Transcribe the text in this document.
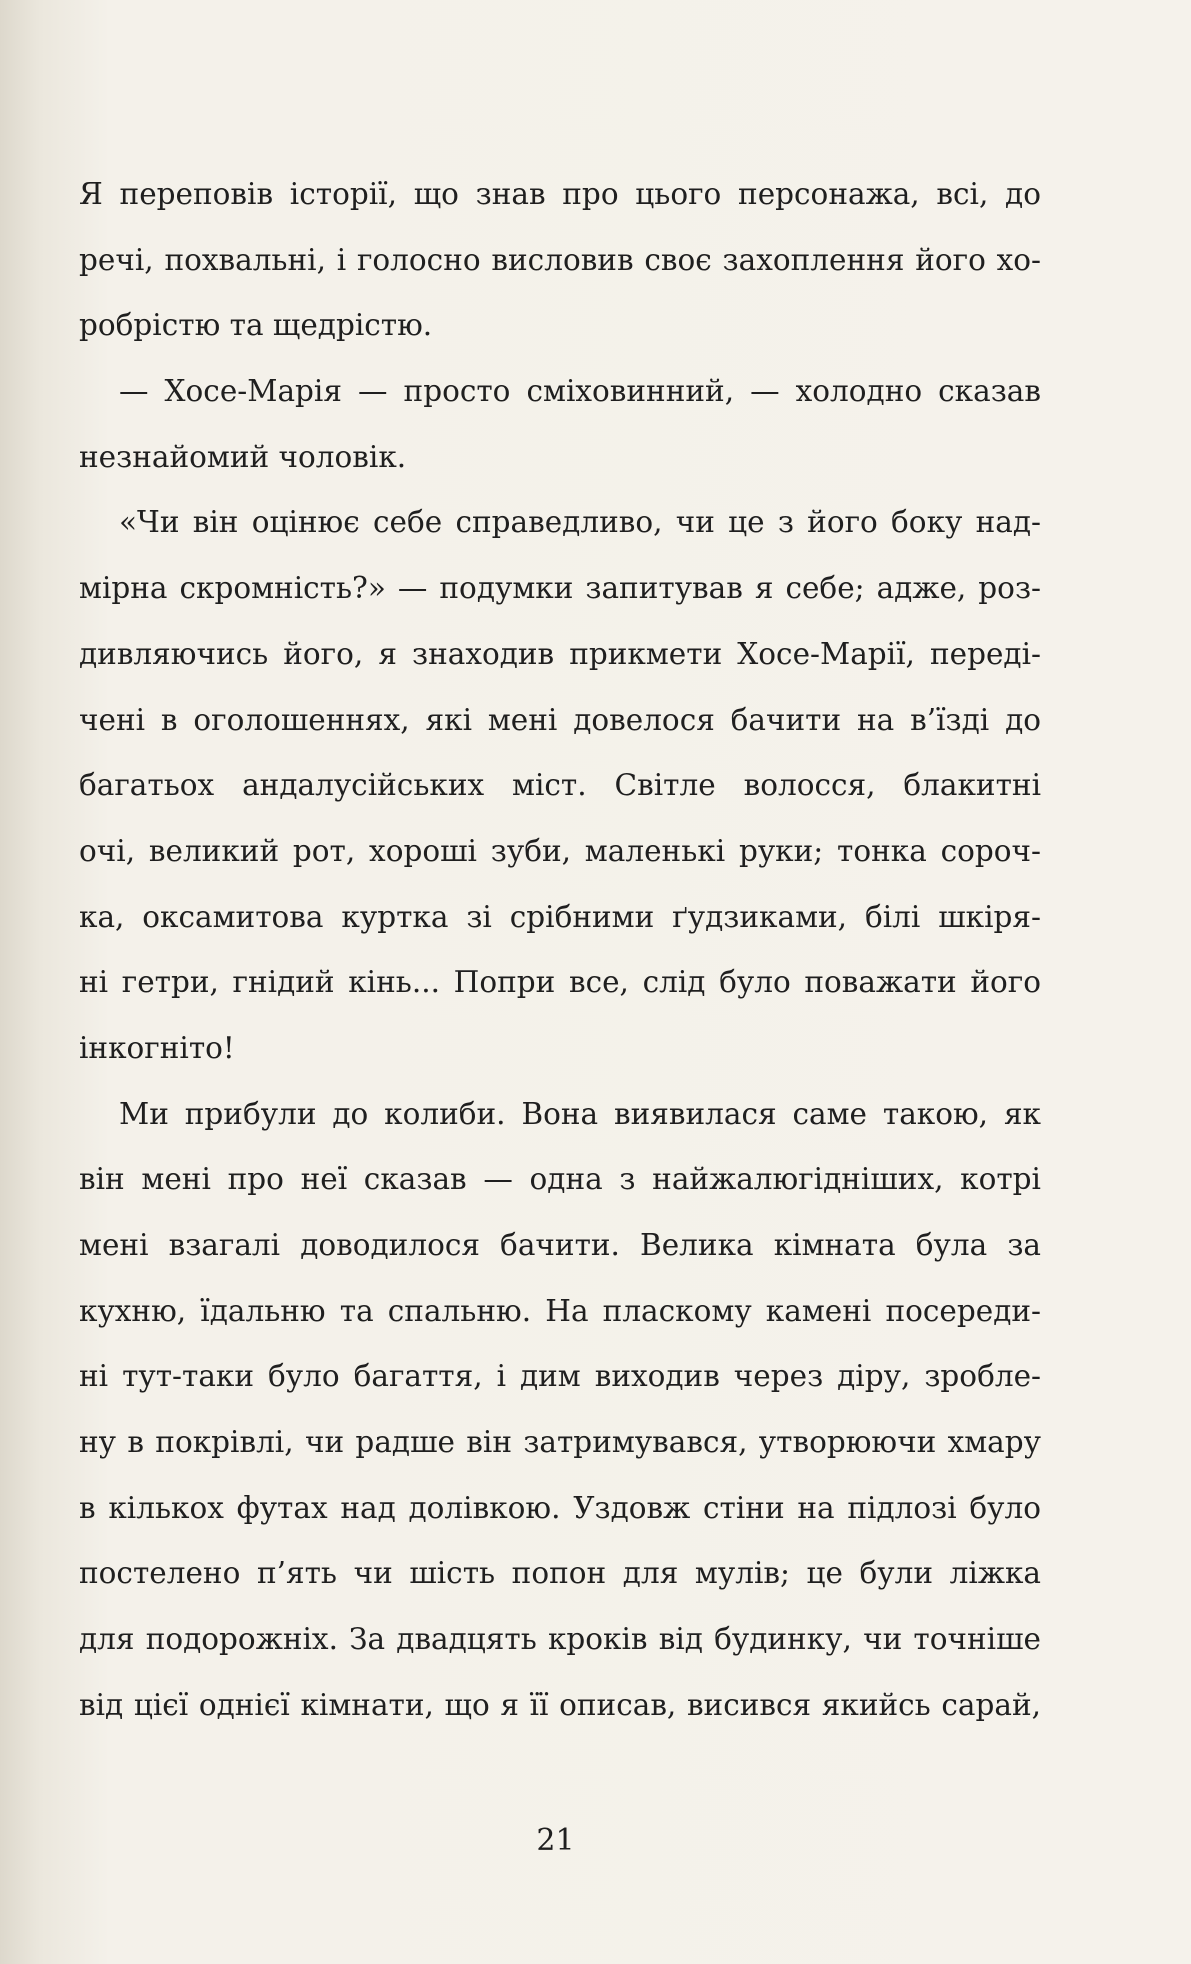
Я переповів історії, що знав про цього персонажа, всі, до
речі, похвальні, і голосно висловив своє захоплення його хо-
робрістю та щедрістю.
— Хосе-Марія — просто сміховинний, — холодно сказав
незнайомий чоловік.
«Чи він оцінює себе справедливо, чи це з його боку над-
мірна скромність?» — подумки запитував я себе; адже, роз-
дивляючись його, я знаходив прикмети Хосе-Марії, переді-
чені в оголошеннях, які мені довелося бачити на в’їзді до
багатьох андалусійських міст. Світле волосся, блакитні
очі, великий рот, хороші зуби, маленькі руки; тонка сороч-
ка, оксамитова куртка зі срібними ґудзиками, білі шкіря-
ні гетри, гнідий кінь... Попри все, слід було поважати його
інкогніто!
Ми прибули до колиби. Вона виявилася саме такою, як
він мені про неї сказав — одна з найжалюгідніших, котрі
мені взагалі доводилося бачити. Велика кімната була за
кухню, їдальню та спальню. На пласкому камені посереди-
ні тут-таки було багаття, і дим виходив через діру, зробле-
ну в покрівлі, чи радше він затримувався, утворюючи хмару
в кількох футах над долівкою. Уздовж стіни на підлозі було
постелено п’ять чи шість попон для мулів; це були ліжка
для подорожніх. За двадцять кроків від будинку, чи точніше
від цієї однієї кімнати, що я її описав, висився якийсь сарай,
21
